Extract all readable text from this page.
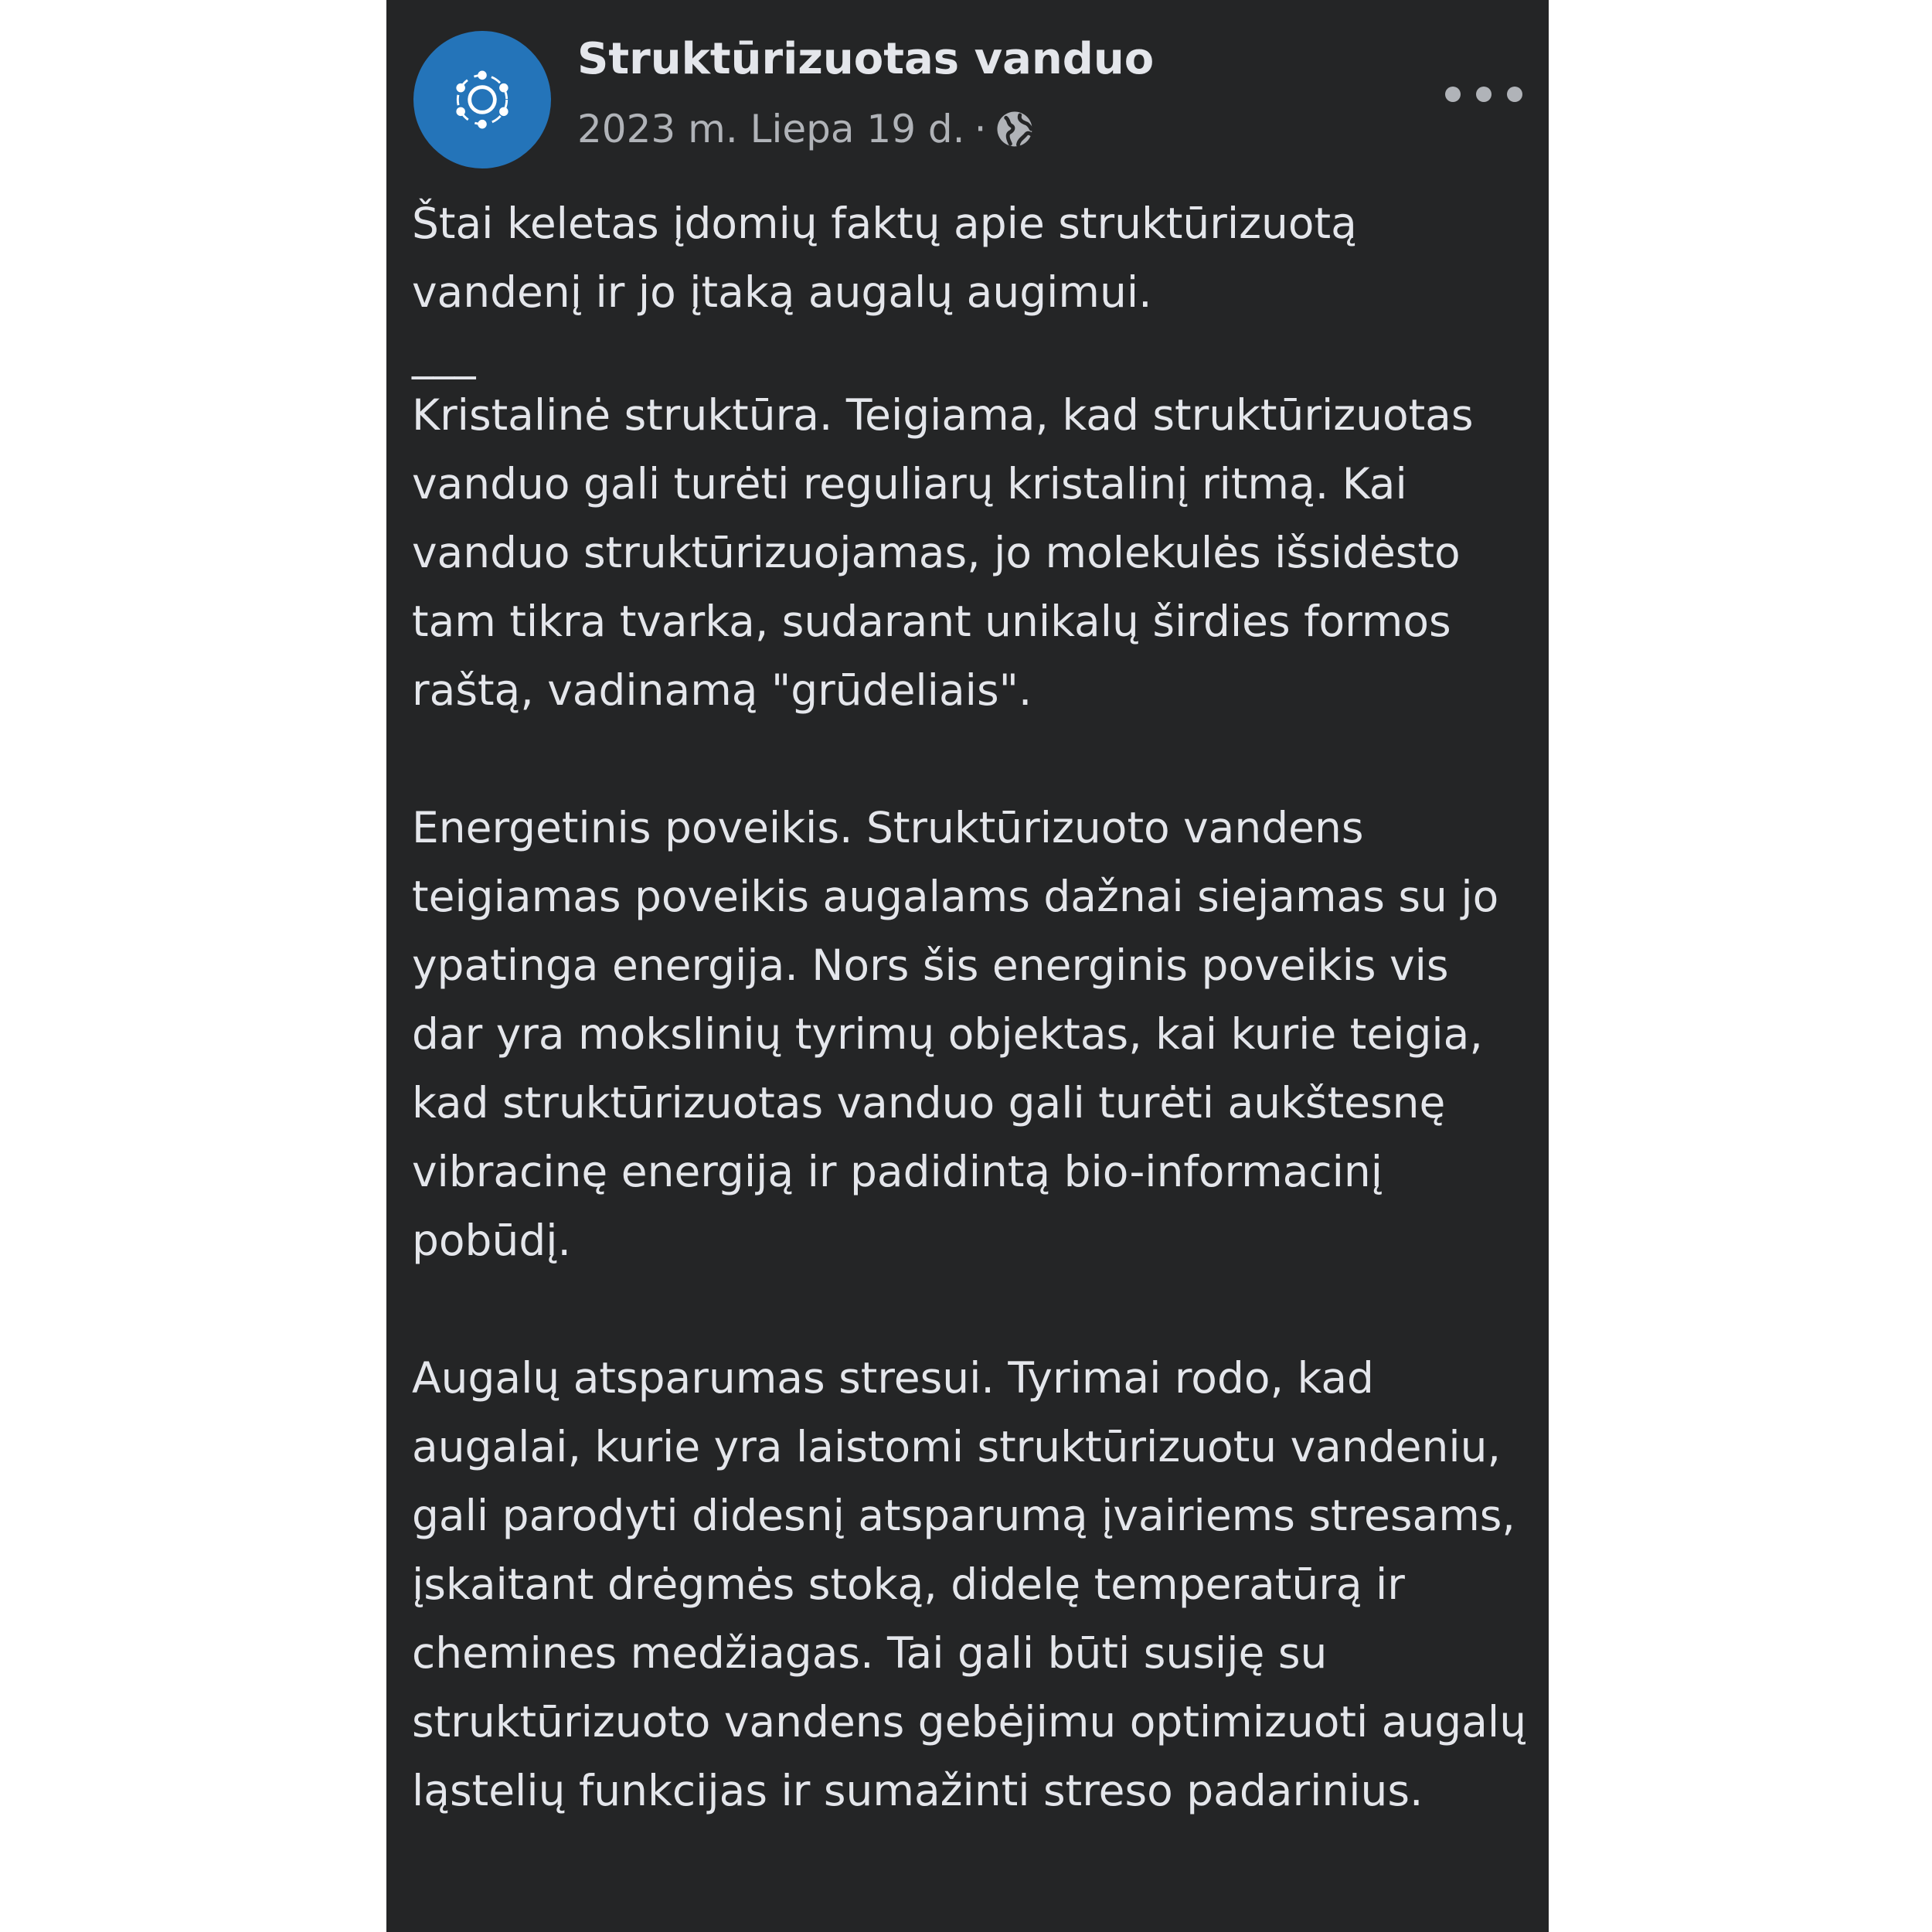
Struktūrizuotas vanduo
2023 m. Liepa 19 d. ·

Štai keletas įdomių faktų apie struktūrizuotą vandenį ir jo įtaką augalų augimui.

___

Kristalinė struktūra. Teigiama, kad struktūrizuotas vanduo gali turėti reguliarų kristalinį ritmą. Kai vanduo struktūrizuojamas, jo molekulės išsidėsto tam tikra tvarka, sudarant unikalų širdies formos raštą, vadinamą "grūdeliais".

Energetinis poveikis. Struktūrizuoto vandens teigiamas poveikis augalams dažnai siejamas su jo ypatinga energija. Nors šis energinis poveikis vis dar yra mokslinių tyrimų objektas, kai kurie teigia, kad struktūrizuotas vanduo gali turėti aukštesnę vibracinę energiją ir padidintą bio-informacinį pobūdį.

Augalų atsparumas stresui. Tyrimai rodo, kad augalai, kurie yra laistomi struktūrizuotu vandeniu, gali parodyti didesnį atsparumą įvairiems stresams, įskaitant drėgmės stoką, didelę temperatūrą ir chemines medžiagas. Tai gali būti susiję su struktūrizuoto vandens gebėjimu optimizuoti augalų ląstelių funkcijas ir sumažinti streso padarinius.
